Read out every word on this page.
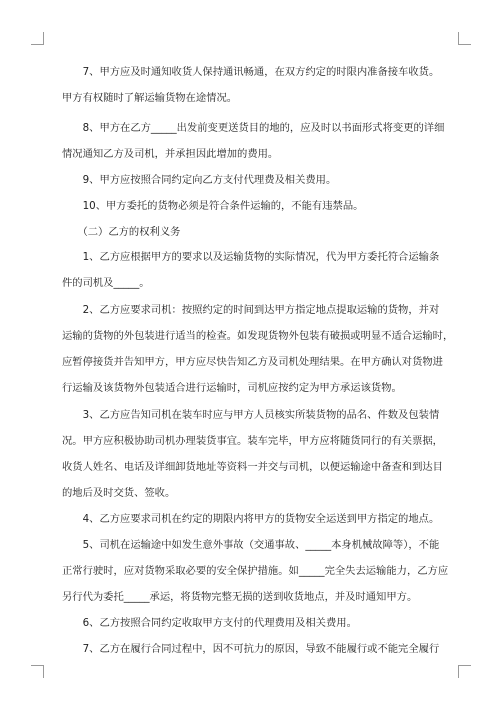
　　7、甲方应及时通知收货人保持通讯畅通，在双方约定的时限内准备接车收货。
甲方有权随时了解运输货物在途情况。
　　8、甲方在乙方_____出发前变更送货目的地的，应及时以书面形式将变更的详细
情况通知乙方及司机，并承担因此增加的费用。
　　9、甲方应按照合同约定向乙方支付代理费及相关费用。
　　10、甲方委托的货物必须是符合条件运输的，不能有违禁品。
　　（二）乙方的权利义务
　　1、乙方应根据甲方的要求以及运输货物的实际情况，代为甲方委托符合运输条
件的司机及_____。
　　2、乙方应要求司机：按照约定的时间到达甲方指定地点提取运输的货物，并对
运输的货物的外包装进行适当的检查。如发现货物外包装有破损或明显不适合运输时，
应暂停接货并告知甲方，甲方应尽快告知乙方及司机处理结果。在甲方确认对货物进
行运输及该货物外包装适合进行运输时，司机应按约定为甲方承运该货物。
　　3、乙方应告知司机在装车时应与甲方人员核实所装货物的品名、件数及包装情
况。甲方应积极协助司机办理装货事宜。装车完毕，甲方应将随货同行的有关票据，
收货人姓名、电话及详细卸货地址等资料一并交与司机，以便运输途中备查和到达目
的地后及时交货、签收。
　　4、乙方应要求司机在约定的期限内将甲方的货物安全运送到甲方指定的地点。
　　5、司机在运输途中如发生意外事故（交通事故、_____本身机械故障等），不能
正常行驶时，应对货物采取必要的安全保护措施。如_____完全失去运输能力，乙方应
另行代为委托_____承运，将货物完整无损的送到收货地点，并及时通知甲方。
　　6、乙方按照合同约定收取甲方支付的代理费用及相关费用。
　　7、乙方在履行合同过程中，因不可抗力的原因，导致不能履行或不能完全履行
